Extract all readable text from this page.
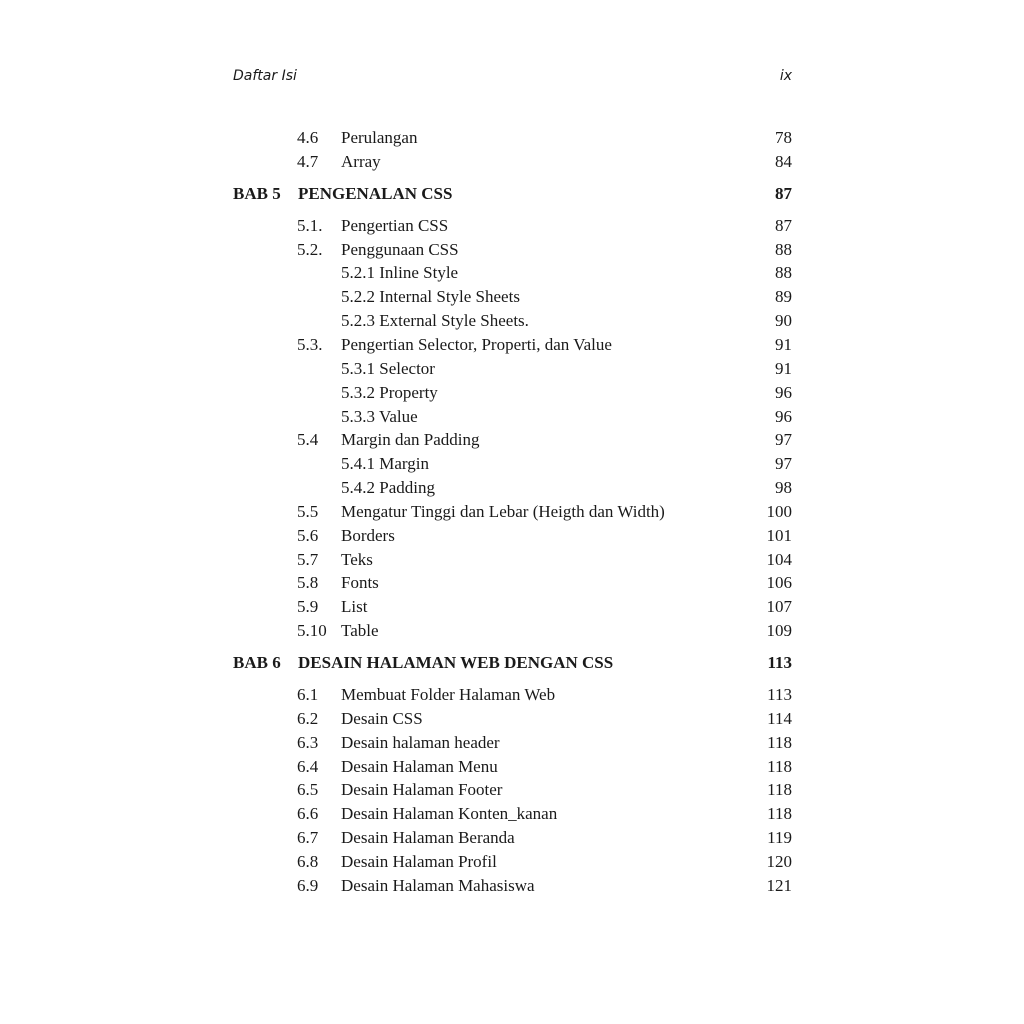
Daftar Isi	ix
4.6 Perulangan	78
4.7 Array	84
BAB 5 PENGENALAN CSS	87
5.1. Pengertian CSS	87
5.2. Penggunaan CSS	88
5.2.1 Inline Style	88
5.2.2 Internal Style Sheets	89
5.2.3 External Style Sheets.	90
5.3. Pengertian Selector, Properti, dan Value	91
5.3.1 Selector	91
5.3.2 Property	96
5.3.3 Value	96
5.4 Margin dan Padding	97
5.4.1 Margin	97
5.4.2 Padding	98
5.5 Mengatur Tinggi dan Lebar (Heigth dan Width)	100
5.6 Borders	101
5.7 Teks	104
5.8 Fonts	106
5.9 List	107
5.10 Table	109
BAB 6 DESAIN HALAMAN WEB DENGAN CSS	113
6.1 Membuat Folder Halaman Web	113
6.2 Desain CSS	114
6.3 Desain halaman header	118
6.4 Desain Halaman Menu	118
6.5 Desain Halaman Footer	118
6.6 Desain Halaman Konten_kanan	118
6.7 Desain Halaman Beranda	119
6.8 Desain Halaman Profil	120
6.9 Desain Halaman Mahasiswa	121
